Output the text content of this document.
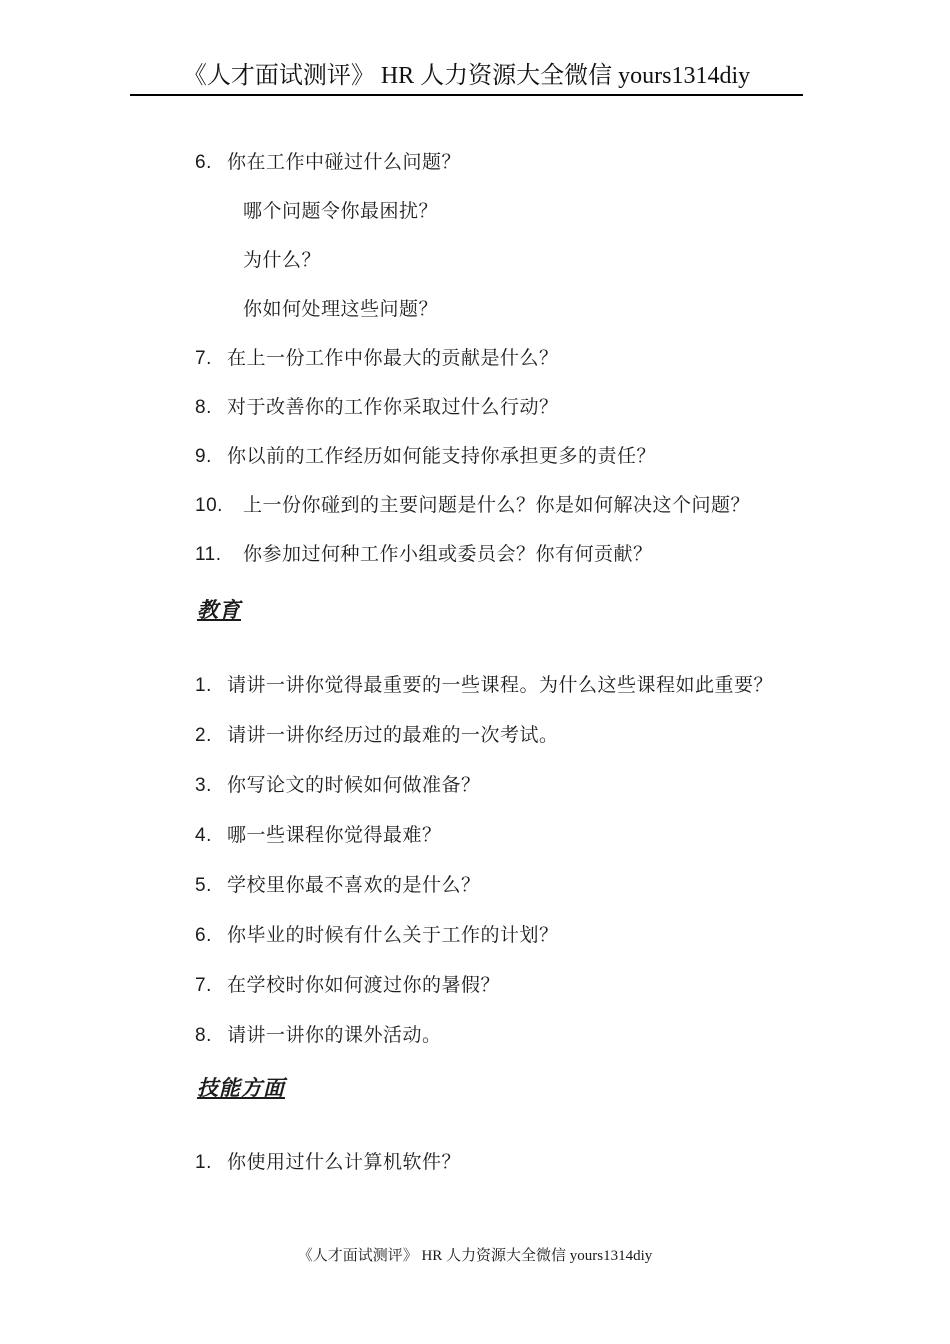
《人才面试测评》 HR 人力资源大全微信 yours1314diy
6. 你在工作中碰过什么问题？
哪个问题令你最困扰？
为什么？
你如何处理这些问题？
7. 在上一份工作中你最大的贡献是什么？
8. 对于改善你的工作你采取过什么行动？
9. 你以前的工作经历如何能支持你承担更多的责任？
10. 上一份你碰到的主要问题是什么？你是如何解决这个问题？
11. 你参加过何种工作小组或委员会？你有何贡献？
教育
1. 请讲一讲你觉得最重要的一些课程。为什么这些课程如此重要？
2. 请讲一讲你经历过的最难的一次考试。
3. 你写论文的时候如何做准备？
4. 哪一些课程你觉得最难？
5. 学校里你最不喜欢的是什么？
6. 你毕业的时候有什么关于工作的计划？
7. 在学校时你如何渡过你的暑假？
8. 请讲一讲你的课外活动。
技能方面
1. 你使用过什么计算机软件？
《人才面试测评》 HR 人力资源大全微信 yours1314diy
